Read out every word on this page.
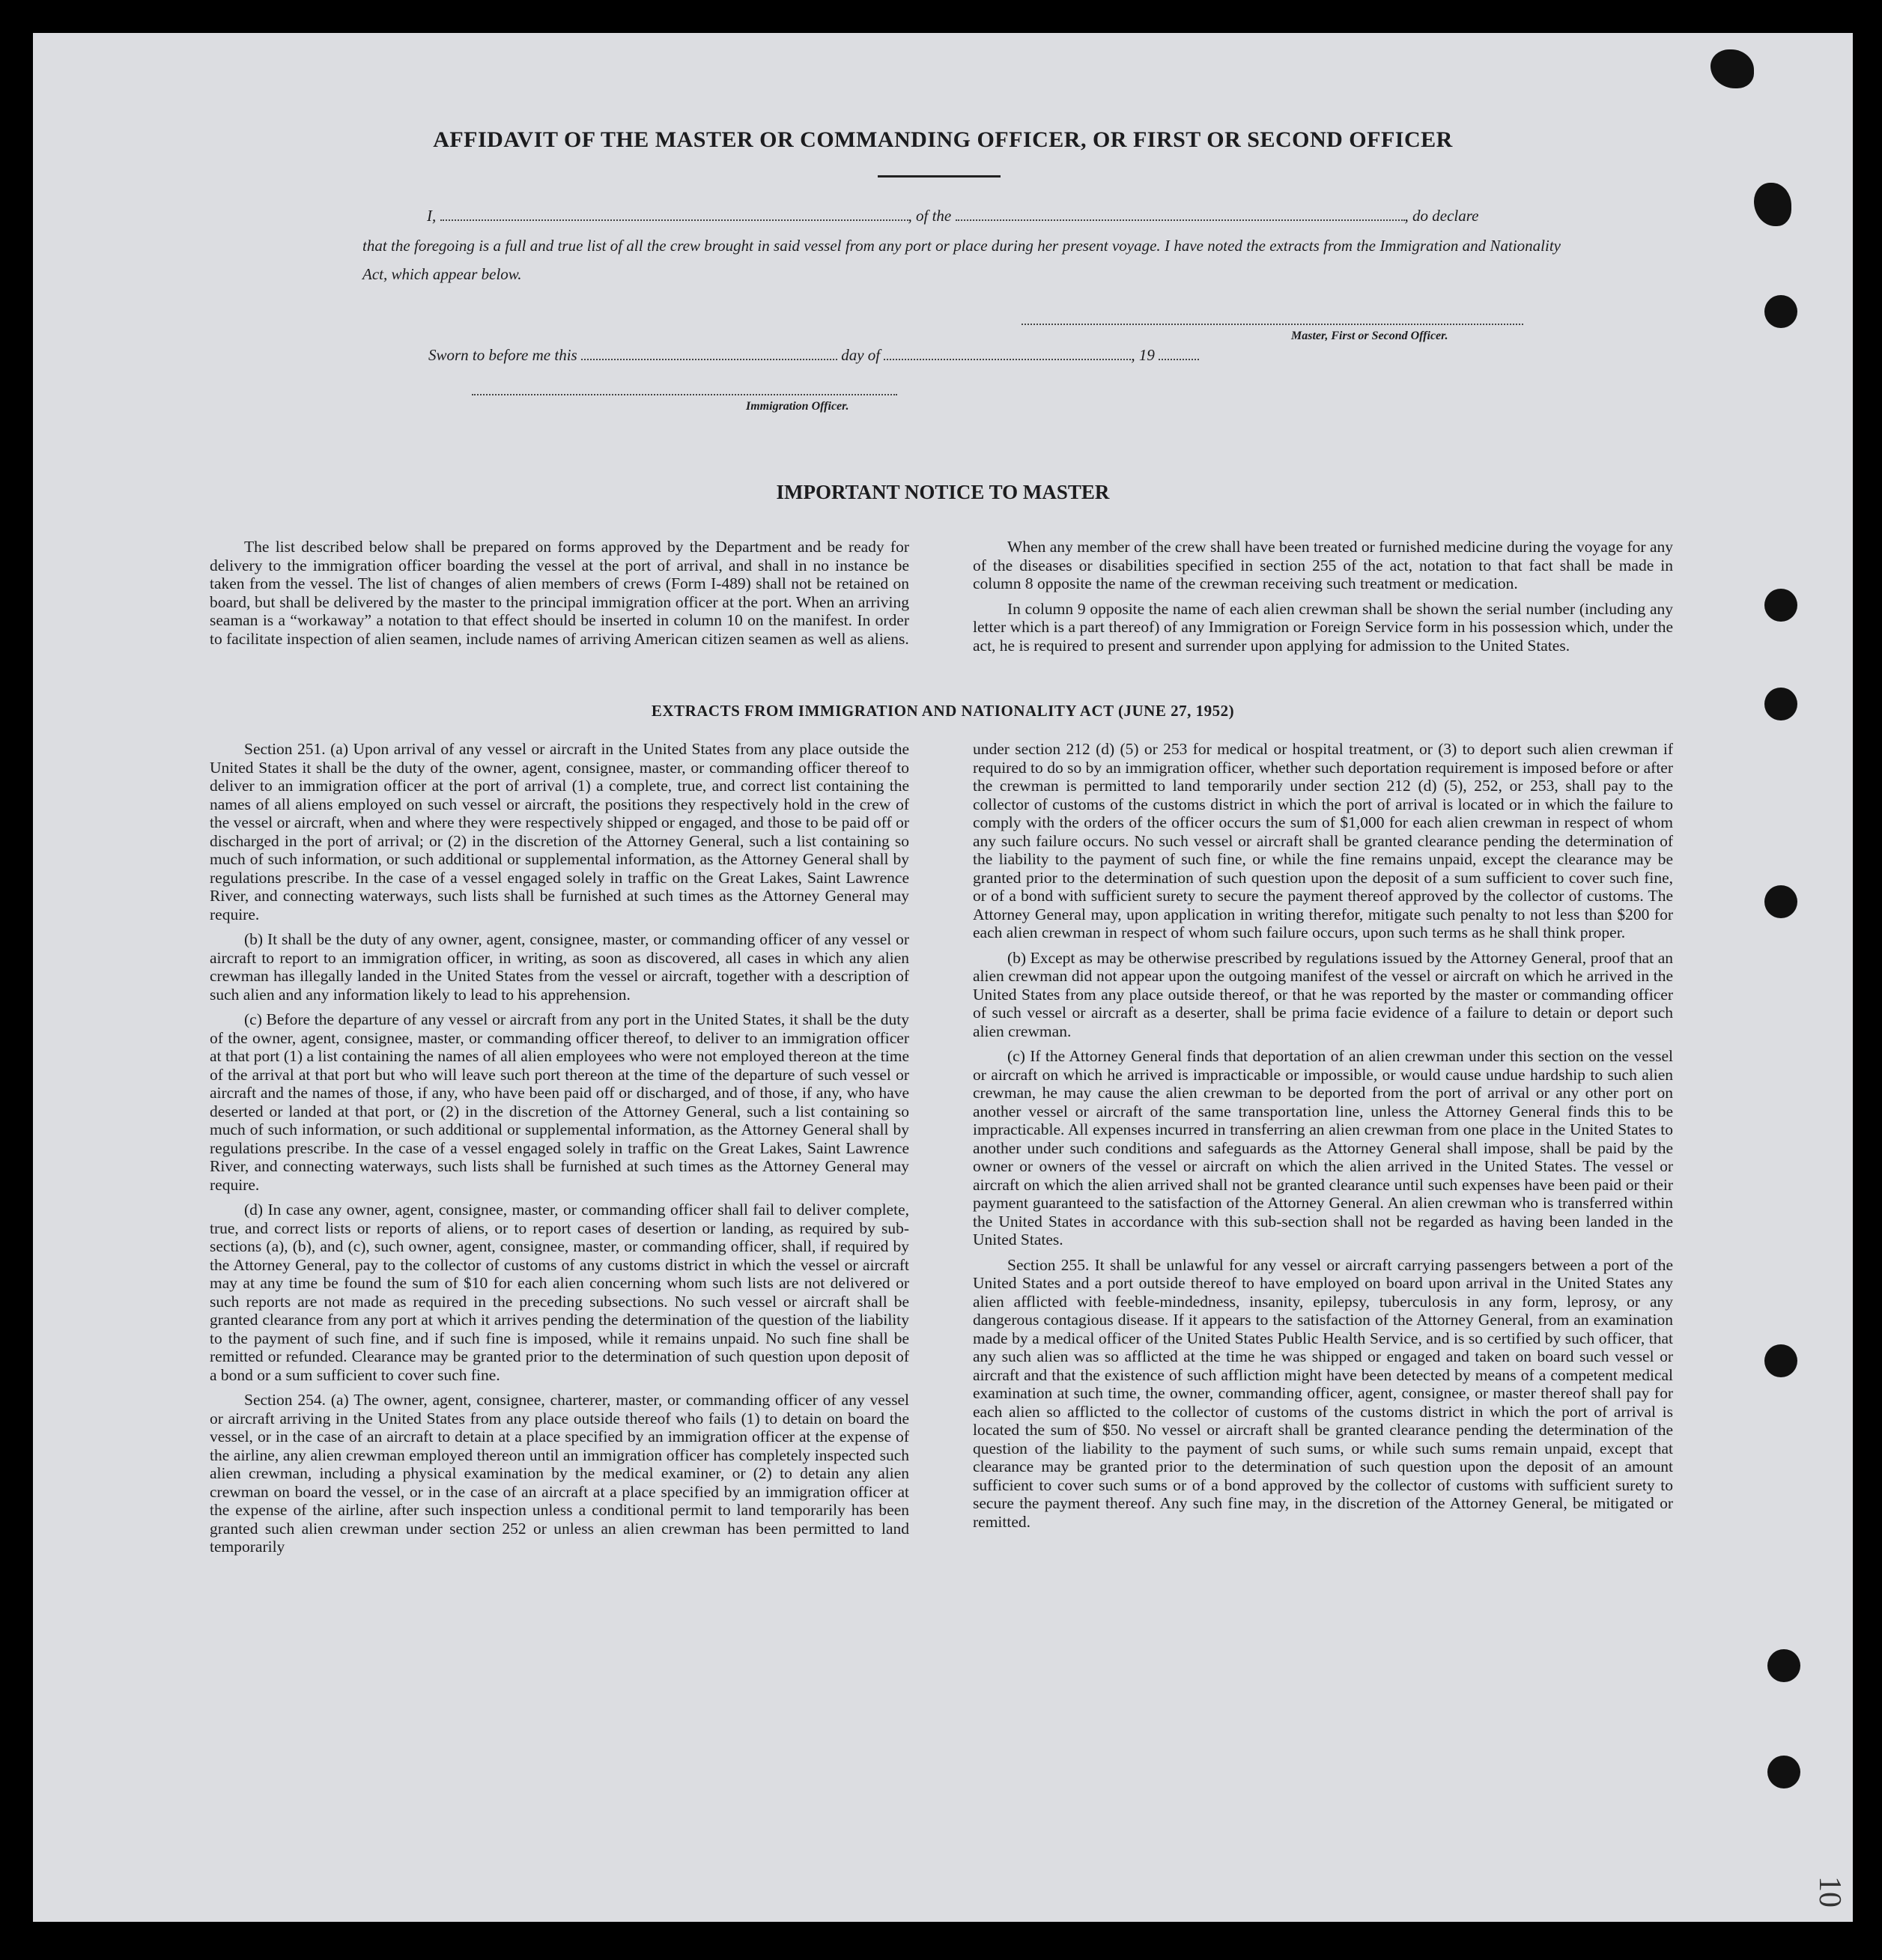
AFFIDAVIT OF THE MASTER OR COMMANDING OFFICER, OR FIRST OR SECOND OFFICER
I,	, of the	, do declare
that the foregoing is a full and true list of all the crew brought in said vessel from any port or place during her present voyage. I have noted the extracts from the Immigration and Nationality Act, which appear below.
Master, First or Second Officer.
Sworn to before me this	day of	, 19
Immigration Officer.
IMPORTANT NOTICE TO MASTER

The list described below shall be prepared on forms approved by the Department and be ready for delivery to the immigration officer boarding the vessel at the port of arrival, and shall in no instance be taken from the vessel. The list of changes of alien members of crews (Form I-489) shall not be retained on board, but shall be delivered by the master to the principal immigration officer at the port. When an arriving seaman is a “workaway” a notation to that effect should be inserted in column 10 on the manifest. In order to facilitate inspection of alien seamen, include names of arriving American citizen seamen as well as aliens.

When any member of the crew shall have been treated or furnished medicine during the voyage for any of the diseases or disabilities specified in section 255 of the act, notation to that fact shall be made in column 8 opposite the name of the crewman receiving such treatment or medication.

In column 9 opposite the name of each alien crewman shall be shown the serial number (including any letter which is a part thereof) of any Immigration or Foreign Service form in his possession which, under the act, he is required to present and surrender upon applying for admission to the United States.

EXTRACTS FROM IMMIGRATION AND NATIONALITY ACT (JUNE 27, 1952)

Section 251. (a) Upon arrival of any vessel or aircraft in the United States from any place outside the United States it shall be the duty of the owner, agent, consignee, master, or commanding officer thereof to deliver to an immigration officer at the port of arrival (1) a complete, true, and correct list containing the names of all aliens employed on such vessel or aircraft, the positions they respectively hold in the crew of the vessel or aircraft, when and where they were respectively shipped or engaged, and those to be paid off or discharged in the port of arrival; or (2) in the discretion of the Attorney General, such a list containing so much of such information, or such additional or supplemental information, as the Attorney General shall by regulations prescribe. In the case of a vessel engaged solely in traffic on the Great Lakes, Saint Lawrence River, and connecting waterways, such lists shall be furnished at such times as the Attorney General may require.

(b) It shall be the duty of any owner, agent, consignee, master, or commanding officer of any vessel or aircraft to report to an immigration officer, in writing, as soon as discovered, all cases in which any alien crewman has illegally landed in the United States from the vessel or aircraft, together with a description of such alien and any information likely to lead to his apprehension.

(c) Before the departure of any vessel or aircraft from any port in the United States, it shall be the duty of the owner, agent, consignee, master, or commanding officer thereof, to deliver to an immigration officer at that port (1) a list containing the names of all alien employees who were not employed thereon at the time of the arrival at that port but who will leave such port thereon at the time of the departure of such vessel or aircraft and the names of those, if any, who have been paid off or discharged, and of those, if any, who have deserted or landed at that port, or (2) in the discretion of the Attorney General, such a list containing so much of such information, or such additional or supplemental information, as the Attorney General shall by regulations prescribe. In the case of a vessel engaged solely in traffic on the Great Lakes, Saint Lawrence River, and connecting waterways, such lists shall be furnished at such times as the Attorney General may require.

(d) In case any owner, agent, consignee, master, or commanding officer shall fail to deliver complete, true, and correct lists or reports of aliens, or to report cases of desertion or landing, as required by sub-sections (a), (b), and (c), such owner, agent, consignee, master, or commanding officer, shall, if required by the Attorney General, pay to the collector of customs of any customs district in which the vessel or aircraft may at any time be found the sum of $10 for each alien concerning whom such lists are not delivered or such reports are not made as required in the preceding subsections. No such vessel or aircraft shall be granted clearance from any port at which it arrives pending the determination of the question of the liability to the payment of such fine, and if such fine is imposed, while it remains unpaid. No such fine shall be remitted or refunded. Clearance may be granted prior to the determination of such question upon deposit of a bond or a sum sufficient to cover such fine.

Section 254. (a) The owner, agent, consignee, charterer, master, or commanding officer of any vessel or aircraft arriving in the United States from any place outside thereof who fails (1) to detain on board the vessel, or in the case of an aircraft to detain at a place specified by an immigration officer at the expense of the airline, any alien crewman employed thereon until an immigration officer has completely inspected such alien crewman, including a physical examination by the medical examiner, or (2) to detain any alien crewman on board the vessel, or in the case of an aircraft at a place specified by an immigration officer at the expense of the airline, after such inspection unless a conditional permit to land temporarily has been granted such alien crewman under section 252 or unless an alien crewman has been permitted to land temporarily

under section 212 (d) (5) or 253 for medical or hospital treatment, or (3) to deport such alien crewman if required to do so by an immigration officer, whether such deportation requirement is imposed before or after the crewman is permitted to land temporarily under section 212 (d) (5), 252, or 253, shall pay to the collector of customs of the customs district in which the port of arrival is located or in which the failure to comply with the orders of the officer occurs the sum of $1,000 for each alien crewman in respect of whom any such failure occurs. No such vessel or aircraft shall be granted clearance pending the determination of the liability to the payment of such fine, or while the fine remains unpaid, except the clearance may be granted prior to the determination of such question upon the deposit of a sum sufficient to cover such fine, or of a bond with sufficient surety to secure the payment thereof approved by the collector of customs. The Attorney General may, upon application in writing therefor, mitigate such penalty to not less than $200 for each alien crewman in respect of whom such failure occurs, upon such terms as he shall think proper.

(b) Except as may be otherwise prescribed by regulations issued by the Attorney General, proof that an alien crewman did not appear upon the outgoing manifest of the vessel or aircraft on which he arrived in the United States from any place outside thereof, or that he was reported by the master or commanding officer of such vessel or aircraft as a deserter, shall be prima facie evidence of a failure to detain or deport such alien crewman.

(c) If the Attorney General finds that deportation of an alien crewman under this section on the vessel or aircraft on which he arrived is impracticable or impossible, or would cause undue hardship to such alien crewman, he may cause the alien crewman to be deported from the port of arrival or any other port on another vessel or aircraft of the same transportation line, unless the Attorney General finds this to be impracticable. All expenses incurred in transferring an alien crewman from one place in the United States to another under such conditions and safeguards as the Attorney General shall impose, shall be paid by the owner or owners of the vessel or aircraft on which the alien arrived in the United States. The vessel or aircraft on which the alien arrived shall not be granted clearance until such expenses have been paid or their payment guaranteed to the satisfaction of the Attorney General. An alien crewman who is transferred within the United States in accordance with this sub-section shall not be regarded as having been landed in the United States.

Section 255. It shall be unlawful for any vessel or aircraft carrying passengers between a port of the United States and a port outside thereof to have employed on board upon arrival in the United States any alien afflicted with feeble-mindedness, insanity, epilepsy, tuberculosis in any form, leprosy, or any dangerous contagious disease. If it appears to the satisfaction of the Attorney General, from an examination made by a medical officer of the United States Public Health Service, and is so certified by such officer, that any such alien was so afflicted at the time he was shipped or engaged and taken on board such vessel or aircraft and that the existence of such affliction might have been detected by means of a competent medical examination at such time, the owner, commanding officer, agent, consignee, or master thereof shall pay for each alien so afflicted to the collector of customs of the customs district in which the port of arrival is located the sum of $50. No vessel or aircraft shall be granted clearance pending the determination of the question of the liability to the payment of such sums, or while such sums remain unpaid, except that clearance may be granted prior to the determination of such question upon the deposit of an amount sufficient to cover such sums or of a bond approved by the collector of customs with sufficient surety to secure the payment thereof. Any such fine may, in the discretion of the Attorney General, be mitigated or remitted.

10
